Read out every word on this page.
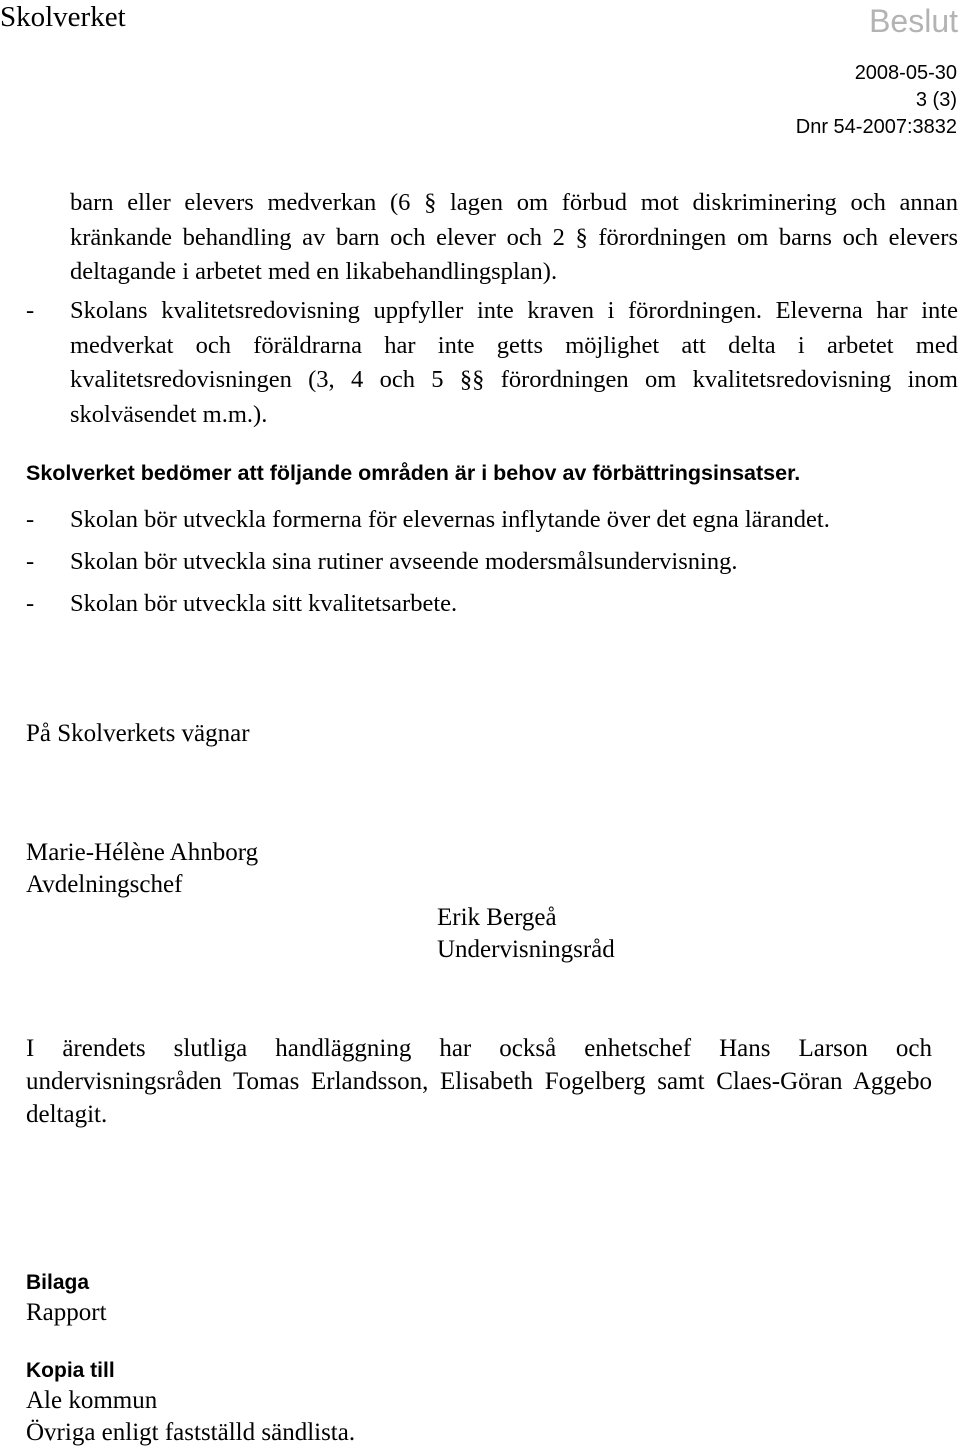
Skolverket	Beslut
2008-05-30
3 (3)
Dnr 54-2007:3832
barn eller elevers medverkan (6 § lagen om förbud mot diskriminering och annan kränkande behandling av barn och elever och 2 § förordningen om barns och elevers deltagande i arbetet med en likabehandlingsplan).
- Skolans kvalitetsredovisning uppfyller inte kraven i förordningen. Eleverna har inte medverkat och föräldrarna har inte getts möjlighet att delta i arbetet med kvalitetsredovisningen (3, 4 och 5 §§ förordningen om kvalitetsredovisning inom skolväsendet m.m.).
Skolverket bedömer att följande områden är i behov av förbättringsinsatser.
- Skolan bör utveckla formerna för elevernas inflytande över det egna lärandet.
- Skolan bör utveckla sina rutiner avseende modersmålsundervisning.
- Skolan bör utveckla sitt kvalitetsarbete.
På Skolverkets vägnar
Marie-Hélène Ahnborg
Avdelningschef
Erik Bergeå
Undervisningsråd
I ärendets slutliga handläggning har också enhetschef Hans Larson och undervisningsråden Tomas Erlandsson, Elisabeth Fogelberg samt Claes-Göran Aggebo deltagit.
Bilaga
Rapport
Kopia till
Ale kommun
Övriga enligt fastställd sändlista.
